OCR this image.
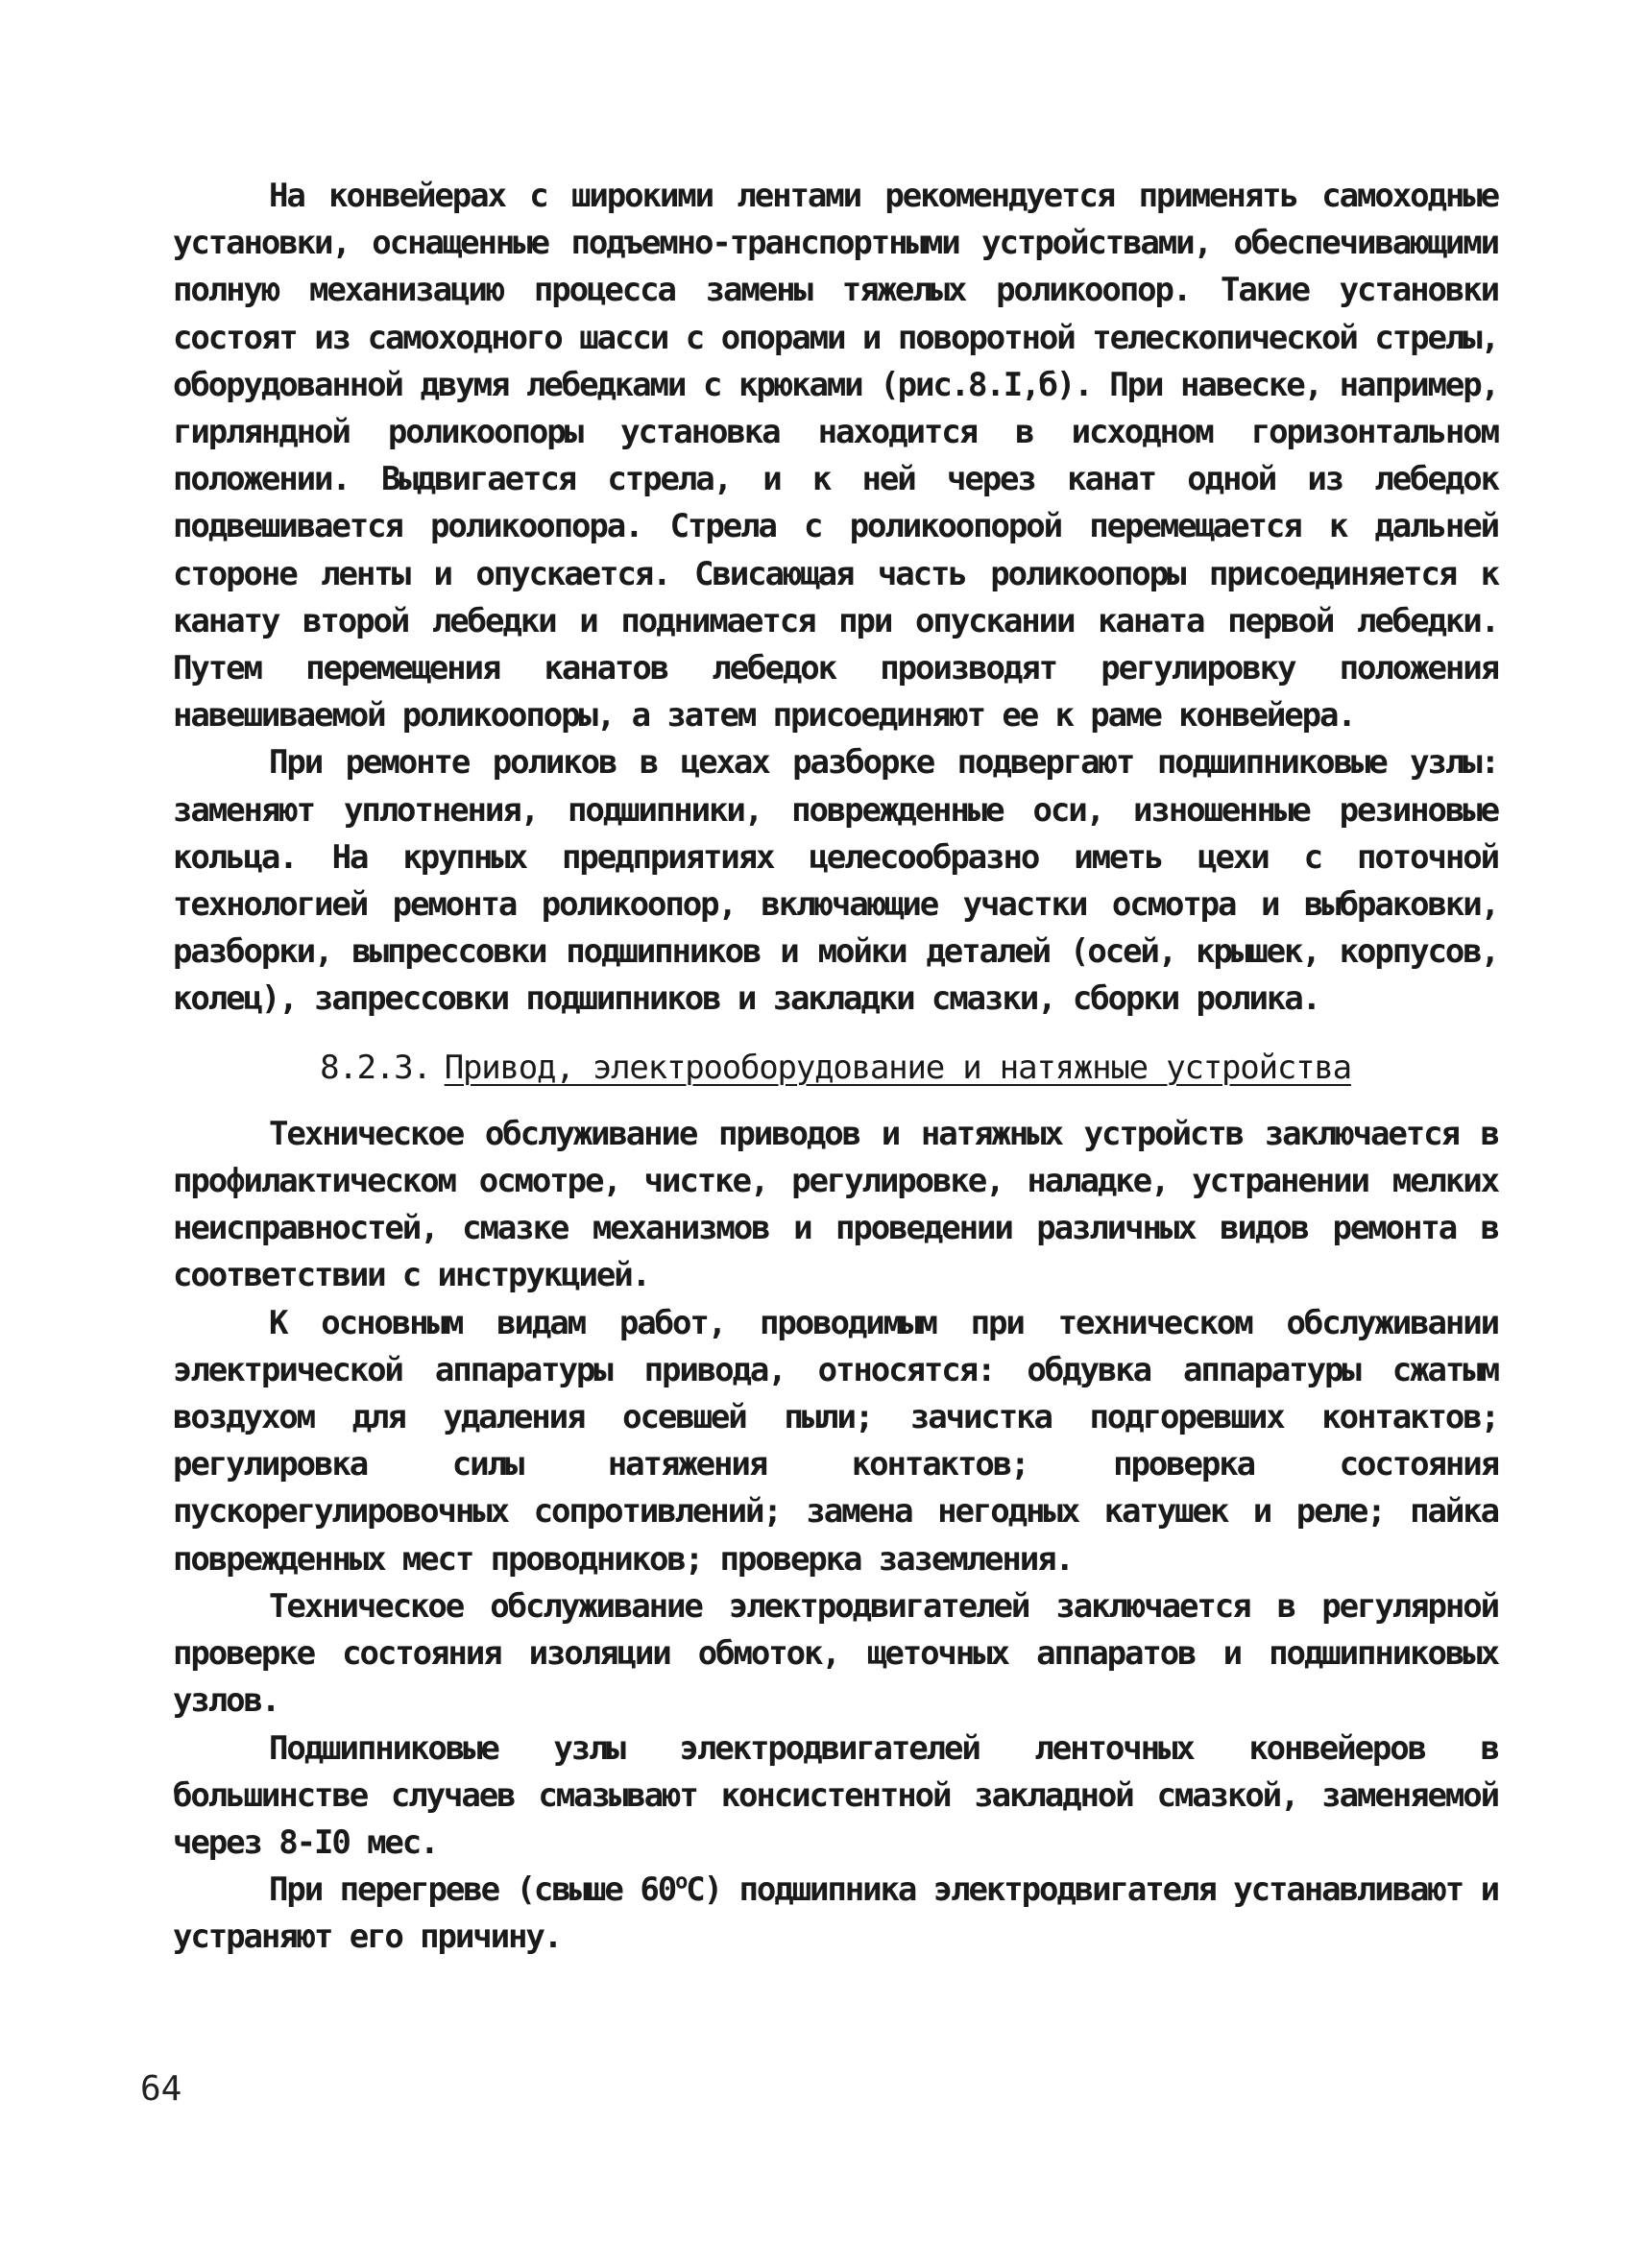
На конвейерах с широкими лентами рекомендуется применять самоходные установки, оснащенные подъемно-транспортными устройствами, обеспечивающими полную механизацию процесса замены тяжелых роликоопор. Такие установки состоят из самоходного шасси с опорами и поворотной телескопической стрелы, оборудованной двумя лебедками с крюками (рис.8.I,б). При навеске, например, гирляндной роликоопоры установка находится в исходном горизонтальном положении. Выдвигается стрела, и к ней через канат одной из лебедок подвешивается роликоопора. Стрела с роликоопорой перемещается к дальней стороне ленты и опускается. Свисающая часть роликоопоры присоединяется к канату второй лебедки и поднимается при опускании каната первой лебедки. Путем перемещения канатов лебедок производят регулировку положения навешиваемой роликоопоры, а затем присоединяют ее к раме конвейера.

При ремонте роликов в цехах разборке подвергают подшипниковые узлы: заменяют уплотнения, подшипники, поврежденные оси, изношенные резиновые кольца. На крупных предприятиях целесообразно иметь цехи с поточной технологией ремонта роликоопор, включающие участки осмотра и выбраковки, разборки, выпрессовки подшипников и мойки деталей (осей, крышек, корпусов, колец), запрессовки подшипников и закладки смазки, сборки ролика.

8.2.3. Привод, электрооборудование и натяжные устройства

Техническое обслуживание приводов и натяжных устройств заключается в профилактическом осмотре, чистке, регулировке, наладке, устранении мелких неисправностей, смазке механизмов и проведении различных видов ремонта в соответствии с инструкцией.

К основным видам работ, проводимым при техническом обслуживании электрической аппаратуры привода, относятся: обдувка аппаратуры сжатым воздухом для удаления осевшей пыли; зачистка подгоревших контактов; регулировка силы натяжения контактов; проверка состояния пускорегулировочных сопротивлений; замена негодных катушек и реле; пайка поврежденных мест проводников; проверка заземления.

Техническое обслуживание электродвигателей заключается в регулярной проверке состояния изоляции обмоток, щеточных аппаратов и подшипниковых узлов.

Подшипниковые узлы электродвигателей ленточных конвейеров в большинстве случаев смазывают консистентной закладной смазкой, заменяемой через 8-I0 мес.

При перегреве (свыше $60^оС$) подшипника электродвигателя устанавливают и устраняют его причину.

64
